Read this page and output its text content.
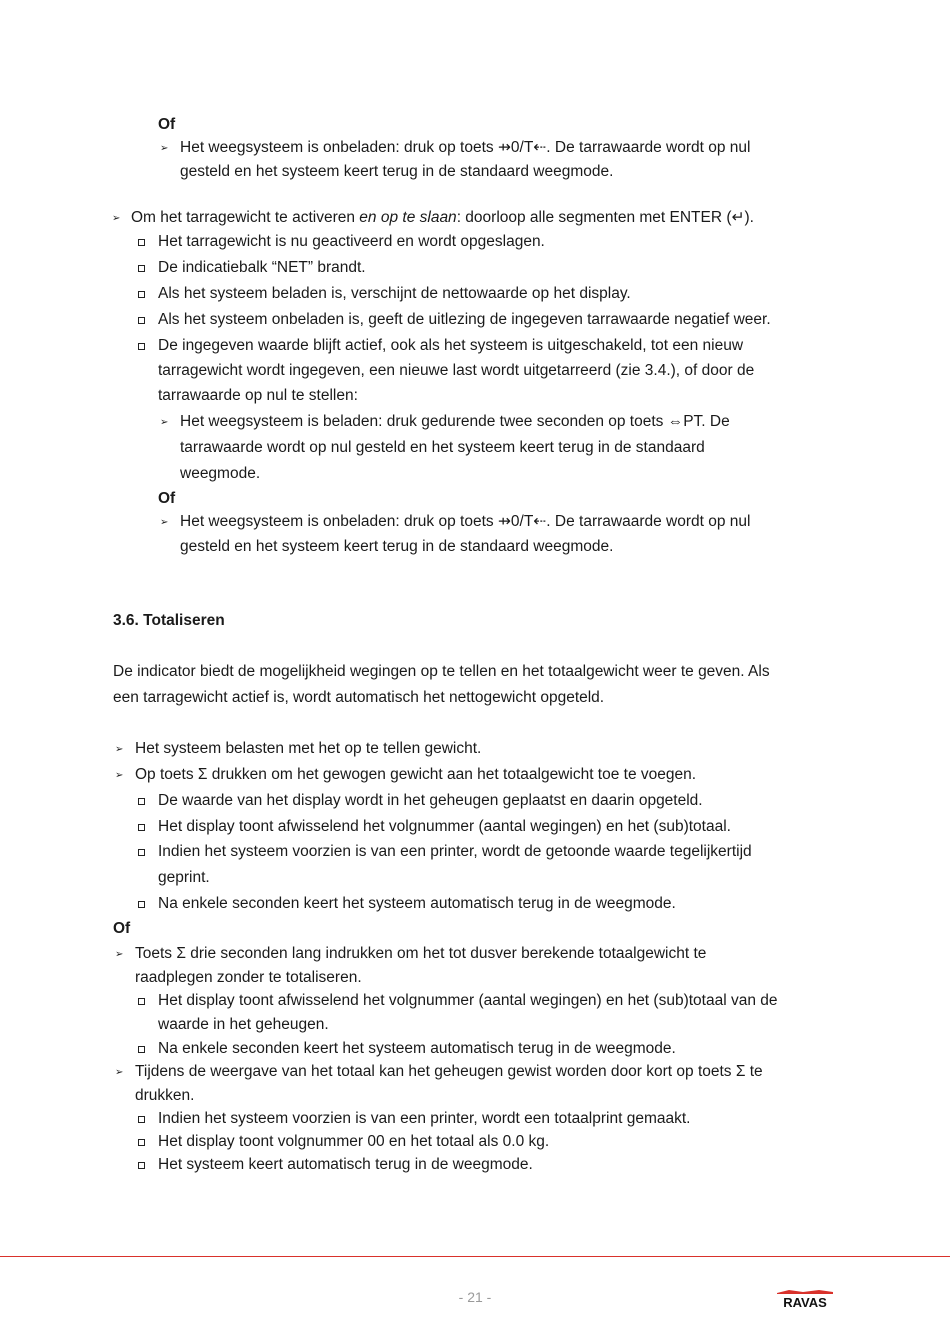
Of
➢ Het weegsysteem is onbeladen: druk op toets ⇸0/T⇠. De tarrawaarde wordt op nul
gesteld en het systeem keert terug in de standaard weegmode.
➢ Om het tarragewicht te activeren en op te slaan: doorloop alle segmenten met ENTER (↵).
Het tarragewicht is nu geactiveerd en wordt opgeslagen.
De indicatiebalk “NET” brandt.
Als het systeem beladen is, verschijnt de nettowaarde op het display.
Als het systeem onbeladen is, geeft de uitlezing de ingegeven tarrawaarde negatief weer.
De ingegeven waarde blijft actief, ook als het systeem is uitgeschakeld, tot een nieuw
tarragewicht wordt ingegeven, een nieuwe last wordt uitgetarreerd (zie 3.4.), of door de
tarrawaarde op nul te stellen:
➢ Het weegsysteem is beladen: druk gedurende twee seconden op toets ⇔PT. De
tarrawaarde wordt op nul gesteld en het systeem keert terug in de standaard
weegmode.
Of
➢ Het weegsysteem is onbeladen: druk op toets ⇸0/T⇠. De tarrawaarde wordt op nul
gesteld en het systeem keert terug in de standaard weegmode.
3.6. Totaliseren
De indicator biedt de mogelijkheid wegingen op te tellen en het totaalgewicht weer te geven. Als
een tarragewicht actief is, wordt automatisch het nettogewicht opgeteld.
➢ Het systeem belasten met het op te tellen gewicht.
➢ Op toets Σ drukken om het gewogen gewicht aan het totaalgewicht toe te voegen.
De waarde van het display wordt in het geheugen geplaatst en daarin opgeteld.
Het display toont afwisselend het volgnummer (aantal wegingen) en het (sub)totaal.
Indien het systeem voorzien is van een printer, wordt de getoonde waarde tegelijkertijd
geprint.
Na enkele seconden keert het systeem automatisch terug in de weegmode.
Of
➢ Toets Σ drie seconden lang indrukken om het tot dusver berekende totaalgewicht te
raadplegen zonder te totaliseren.
Het display toont afwisselend het volgnummer (aantal wegingen) en het (sub)totaal van de
waarde in het geheugen.
Na enkele seconden keert het systeem automatisch terug in de weegmode.
➢ Tijdens de weergave van het totaal kan het geheugen gewist worden door kort op toets Σ te
drukken.
Indien het systeem voorzien is van een printer, wordt een totaalprint gemaakt.
Het display toont volgnummer 00 en het totaal als 0.0 kg.
Het systeem keert automatisch terug in de weegmode.
- 21 -	RAVAS
